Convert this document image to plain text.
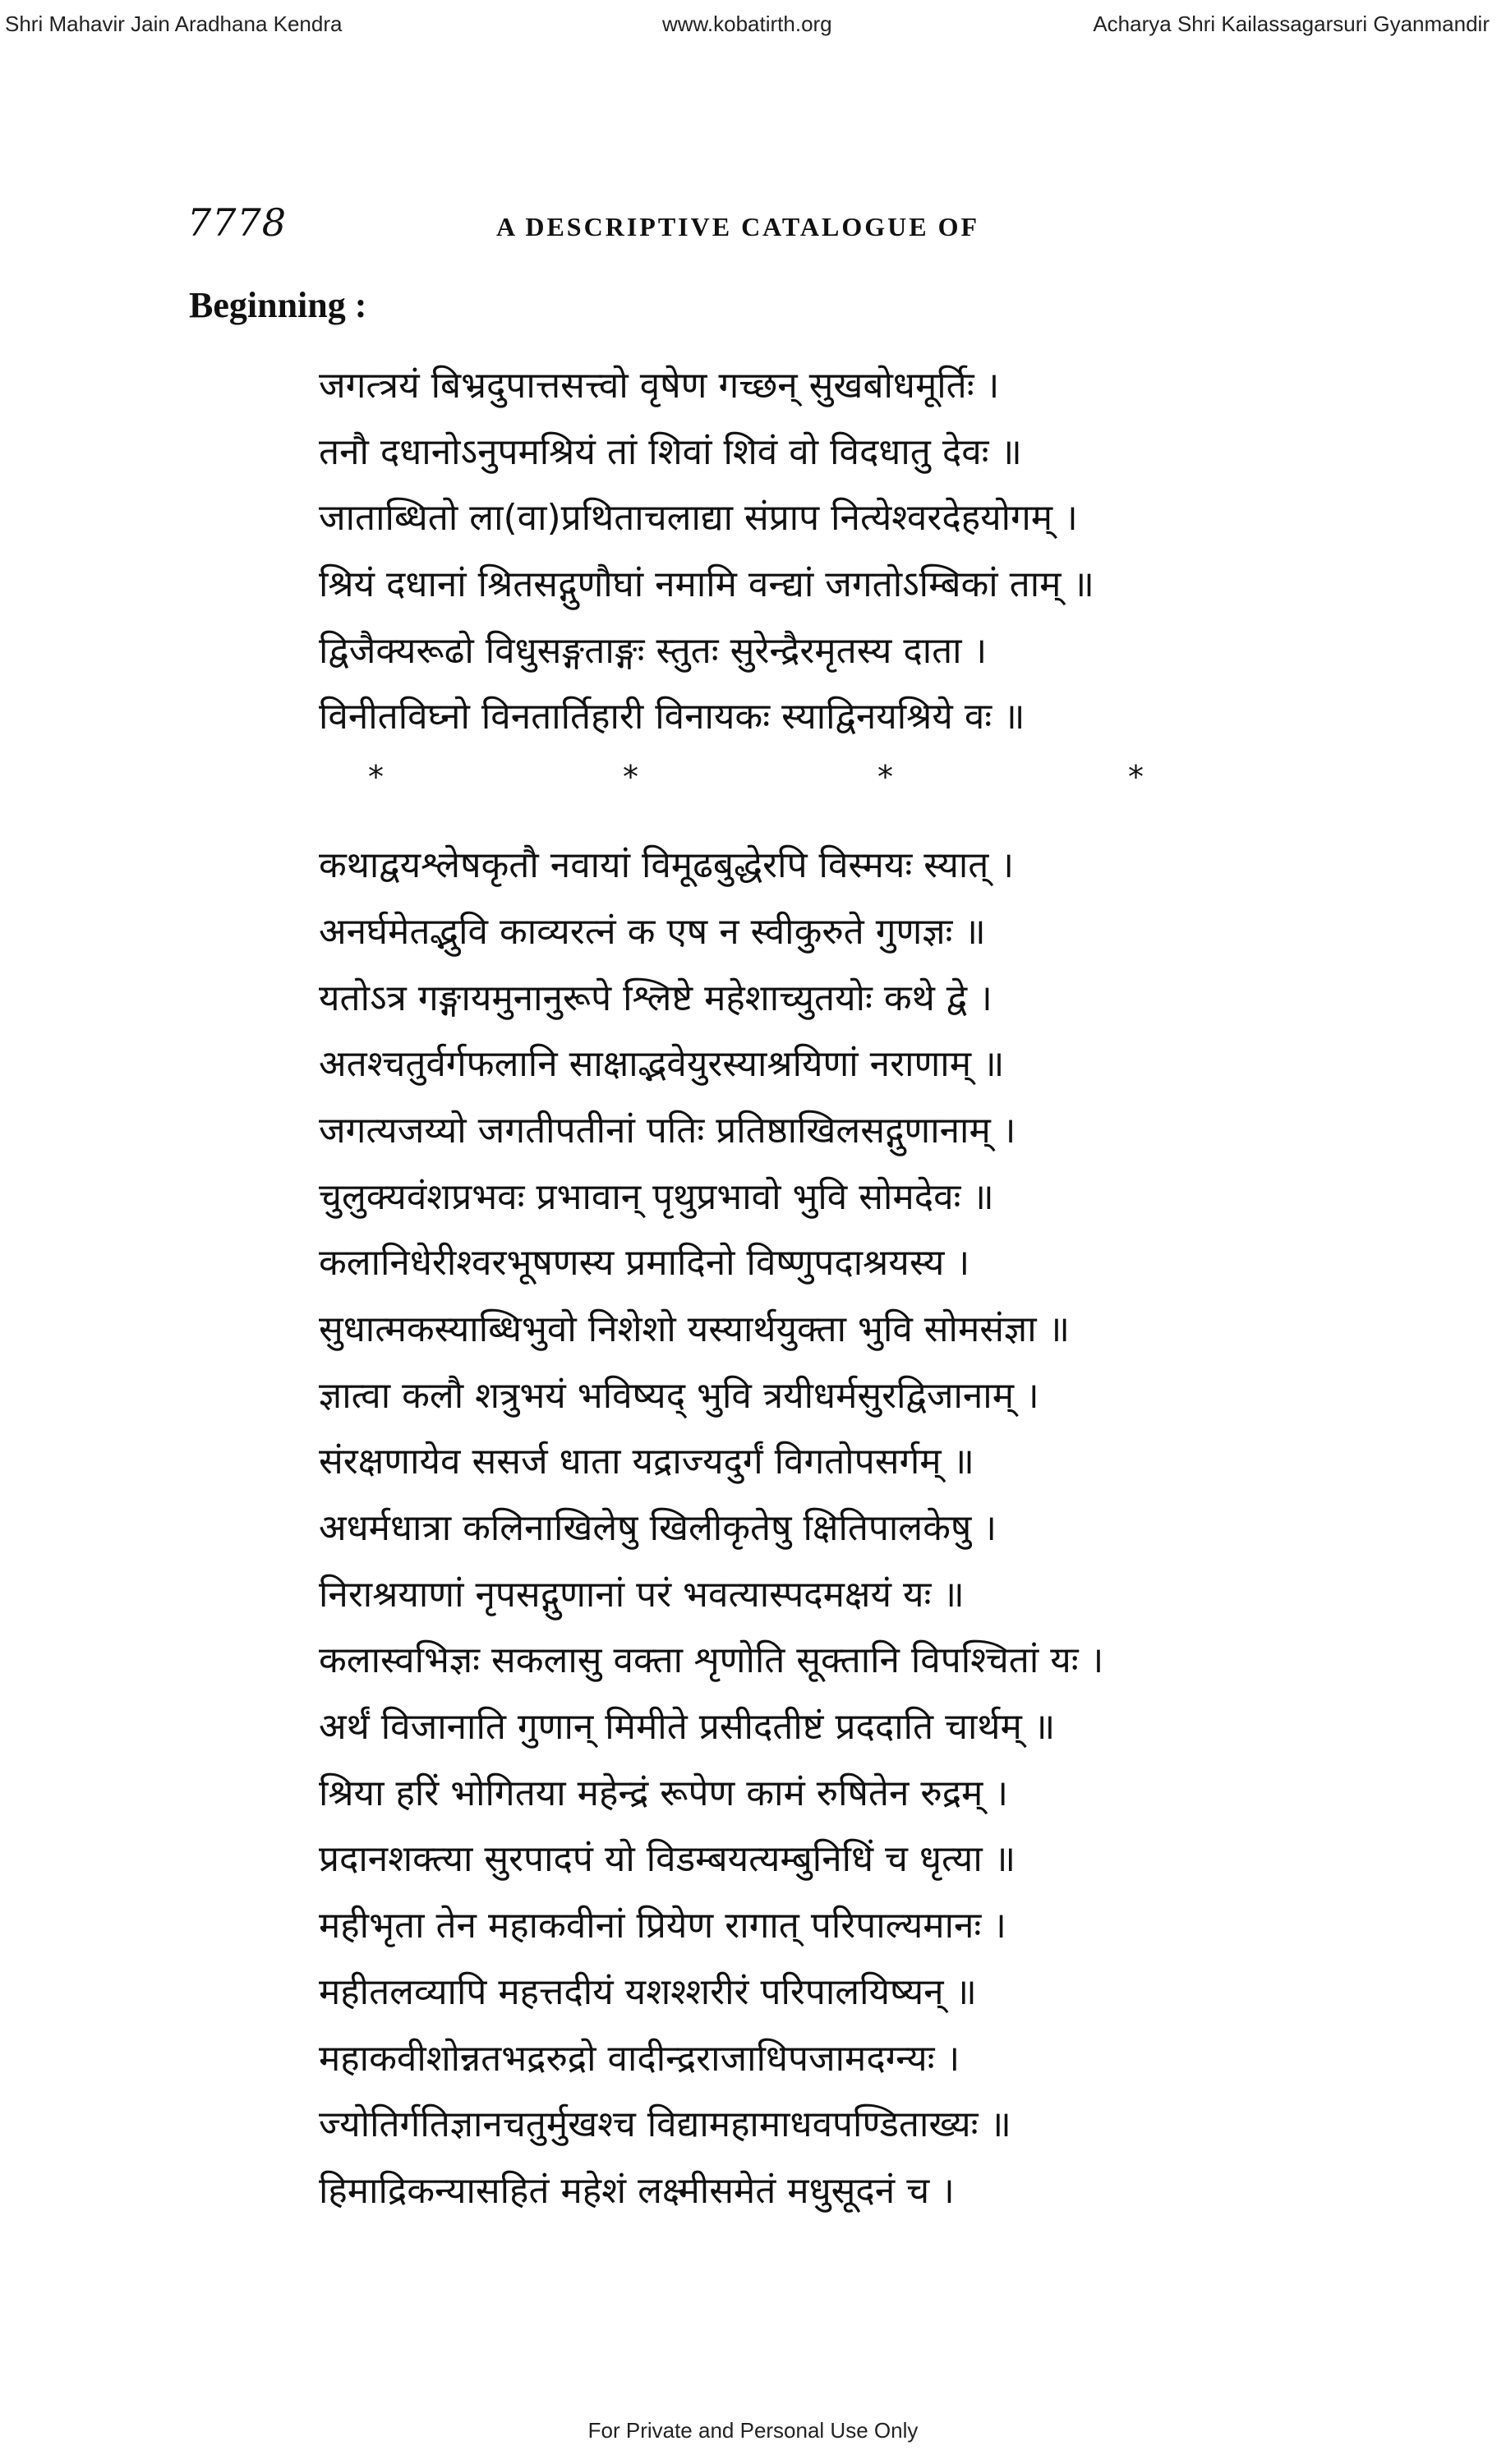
Shri Mahavir Jain Aradhana Kendra	www.kobatirth.org	Acharya Shri Kailassagarsuri Gyanmandir
7778	A DESCRIPTIVE CATALOGUE OF
Beginning :
जगत्त्रयं बिभ्रदुपात्तसत्त्वो वृषेण गच्छन् सुखबोधमूर्तिः ।
तनौ दधानोऽनुपमश्रियं तां शिवां शिवं वो विदधातु देवः ॥
जाताब्धितो ला(वा)प्रथिताचलाद्या संप्राप नित्येश्वरदेहयोगम् ।
श्रियं दधानां श्रितसद्गुणौघां नमामि वन्द्यां जगतोऽम्बिकां ताम् ॥
द्विजैक्यरूढो विधुसङ्गताङ्गः स्तुतः सुरेन्द्रैरमृतस्य दाता ।
विनीतविघ्नो विनतार्तिहारी विनायकः स्याद्विनयश्रिये वः ॥
*	*	*	*
कथाद्वयश्लेषकृतौ नवायां विमूढबुद्धेरपि विस्मयः स्यात् ।
अनर्घमेतद्भुवि काव्यरत्नं क एष न स्वीकुरुते गुणज्ञः ॥
यतोऽत्र गङ्गायमुनानुरूपे श्लिष्टे महेशाच्युतयोः कथे द्वे ।
अतश्चतुर्वर्गफलानि साक्षाद्भवेयुरस्याश्रयिणां नराणाम् ॥
जगत्यजय्यो जगतीपतीनां पतिः प्रतिष्ठाखिलसद्गुणानाम् ।
चुलुक्यवंशप्रभवः प्रभावान् पृथुप्रभावो भुवि सोमदेवः ॥
कलानिधेरीश्वरभूषणस्य प्रमादिनो विष्णुपदाश्रयस्य ।
सुधात्मकस्याब्धिभुवो निशेशो यस्यार्थयुक्ता भुवि सोमसंज्ञा ॥
ज्ञात्वा कलौ शत्रुभयं भविष्यद् भुवि त्रयीधर्मसुरद्विजानाम् ।
संरक्षणायेव ससर्ज धाता यद्राज्यदुर्गं विगतोपसर्गम् ॥
अधर्मधात्रा कलिनाखिलेषु खिलीकृतेषु क्षितिपालकेषु ।
निराश्रयाणां नृपसद्गुणानां परं भवत्यास्पदमक्षयं यः ॥
कलास्वभिज्ञः सकलासु वक्ता शृणोति सूक्तानि विपश्चितां यः ।
अर्थं विजानाति गुणान् मिमीते प्रसीदतीष्टं प्रददाति चार्थम् ॥
श्रिया हरिं भोगितया महेन्द्रं रूपेण कामं रुषितेन रुद्रम् ।
प्रदानशक्त्या सुरपादपं यो विडम्बयत्यम्बुनिधिं च धृत्या ॥
महीभृता तेन महाकवीनां प्रियेण रागात् परिपाल्यमानः ।
महीतलव्यापि महत्तदीयं यशश्शरीरं परिपालयिष्यन् ॥
महाकवीशोन्नतभद्ररुद्रो वादीन्द्रराजाधिपजामदग्न्यः ।
ज्योतिर्गतिज्ञानचतुर्मुखश्च विद्यामहामाधवपण्डिताख्यः ॥
हिमाद्रिकन्यासहितं महेशं लक्ष्मीसमेतं मधुसूदनं च ।
For Private and Personal Use Only
